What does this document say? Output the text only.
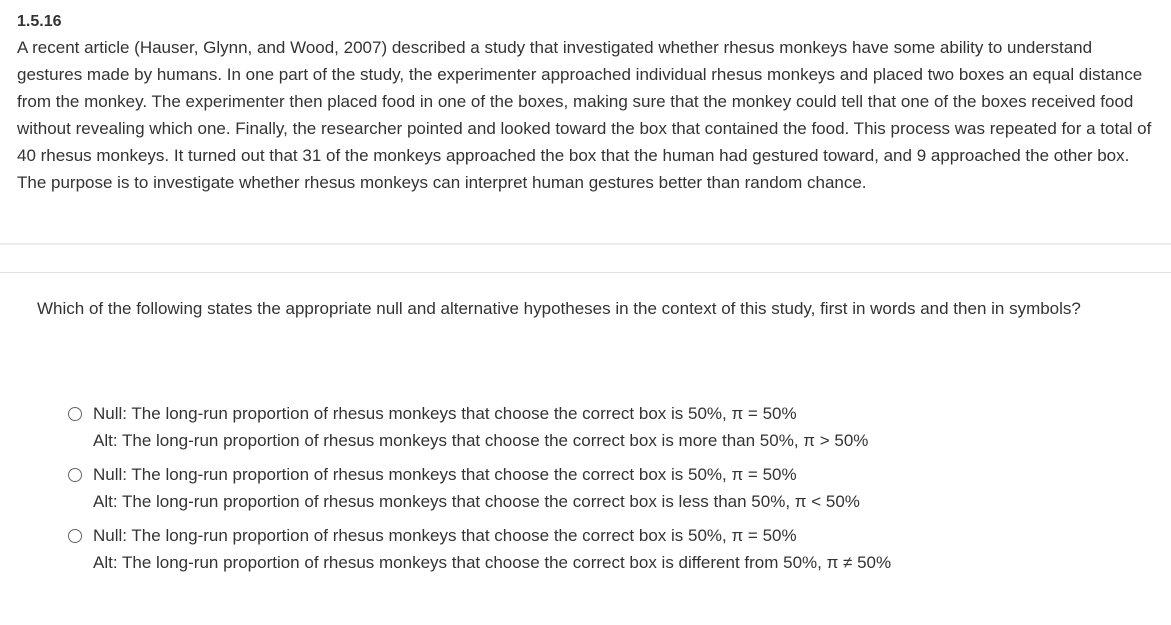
1.5.16

A recent article (Hauser, Glynn, and Wood, 2007) described a study that investigated whether rhesus monkeys have some ability to understand gestures made by humans. In one part of the study, the experimenter approached individual rhesus monkeys and placed two boxes an equal distance from the monkey. The experimenter then placed food in one of the boxes, making sure that the monkey could tell that one of the boxes received food without revealing which one. Finally, the researcher pointed and looked toward the box that contained the food. This process was repeated for a total of 40 rhesus monkeys. It turned out that 31 of the monkeys approached the box that the human had gestured toward, and 9 approached the other box. The purpose is to investigate whether rhesus monkeys can interpret human gestures better than random chance.

Which of the following states the appropriate null and alternative hypotheses in the context of this study, first in words and then in symbols?

Null: The long-run proportion of rhesus monkeys that choose the correct box is 50%, π = 50%
Alt: The long-run proportion of rhesus monkeys that choose the correct box is more than 50%, π > 50%
Null: The long-run proportion of rhesus monkeys that choose the correct box is 50%, π = 50%
Alt: The long-run proportion of rhesus monkeys that choose the correct box is less than 50%, π < 50%
Null: The long-run proportion of rhesus monkeys that choose the correct box is 50%, π = 50%
Alt: The long-run proportion of rhesus monkeys that choose the correct box is different from 50%, π ≠ 50%
